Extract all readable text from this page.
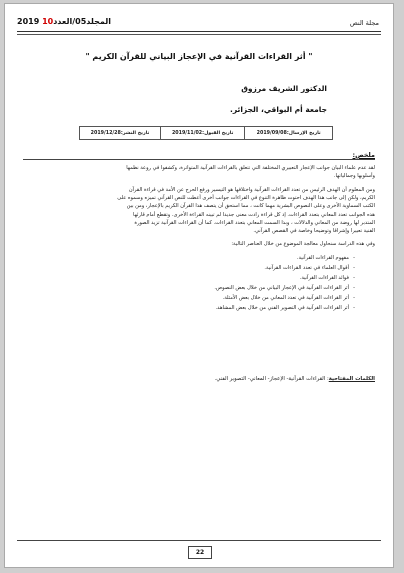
مجلة النص
المجلد05/العدد10 2019
" أثر القراءات القرآنية في الإعجاز البياني للقرآن الكريم "
الدكتور الشريف مرزوق
جامعة أم البواقي، الجزائر.
تاريخ الإرسال:2019/09/08	تاريخ القبول:2019/11/02	تاريخ النشر:2019/12/28
ملخص:
لقد عدم علماء البيان جوانب الإعجاز التعبيري المختلفة التي تتعلق بالقراءات القرآنية المتواترة، وكشفوا في روعة نظمها
وأسلوبها وجمالياتها.
ومن المعلوم أن الهدف الرئيس من تعدد القراءات القرآنية واختلافها هو التيسير ورفع الحرج عن الأمة في قراءة القرآن
الكريم، ولكن إلى جانب هذا الهدف احتوت ظاهرة التنوع في القراءات جوانب أخرى أعطت للنص القرآني تميزه وسموه على
الكتب السماوية الأخرى وعلى النصوص البشرية مهما كانت ، مما استحق أن يتصف هذا القرآن الكريم بالإعجاز، ومن بين
هذه الجوانب تعدد المعاني بتعدد القراءات. إذ كل قراءة زادت معنى جديدا لم تبينه القراءة الأخرى. وتقطع أمام قارئها
المتدبر لها روضة من المعاني والدلالات ، وبذا السمت المعاني بتعدد القراءات. كما أن القراءات القرآنية تزيد الصورة
الفنية تعبيرا وإشراقا وتوضيحا وخاصة في القصص القرآني.
وفي هذه الدراسة سنحاول معالجة الموضوع من خلال العناصر التالية:
-مفهوم القراءات القرآنية.
-أقوال العلماء في تعدد القراءات القرآنية.
-فوائد القراءات القرآنية.
-أثر القراءات القرآنية في الإعجاز البياني من خلال بعض النصوص.
-أثر القراءات القرآنية في تعدد المعاني من خلال بعض الأمثلة.
-أثر القراءات القرآنية في التصوير الفني من خلال بعض المشاهد.
الكلمات المفتاحية: القراءات القرآنية- الإعجاز- المعاني- التصوير الفني.
22
